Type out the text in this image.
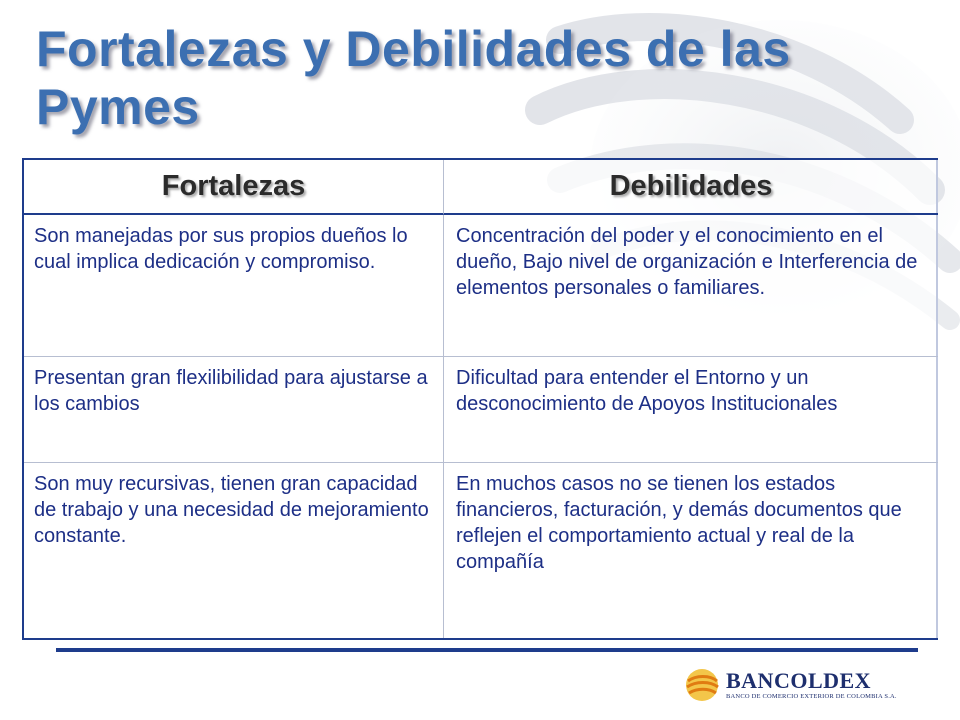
Fortalezas y Debilidades de las Pymes
Fortalezas	Debilidades
Son manejadas por sus propios dueños lo cual implica dedicación y compromiso.
Concentración del poder y el conocimiento en el dueño, Bajo nivel de organización e Interferencia de elementos personales o familiares.
Presentan gran flexilibilidad para ajustarse a los cambios
Dificultad para entender el Entorno y un desconocimiento de Apoyos Institucionales
Son muy recursivas, tienen gran capacidad de trabajo y una necesidad de mejoramiento constante.
En muchos casos no se tienen los estados financieros, facturación, y demás documentos que reflejen el comportamiento actual y real de la compañía
BANCOLDEX
BANCO DE COMERCIO EXTERIOR DE COLOMBIA S.A.
